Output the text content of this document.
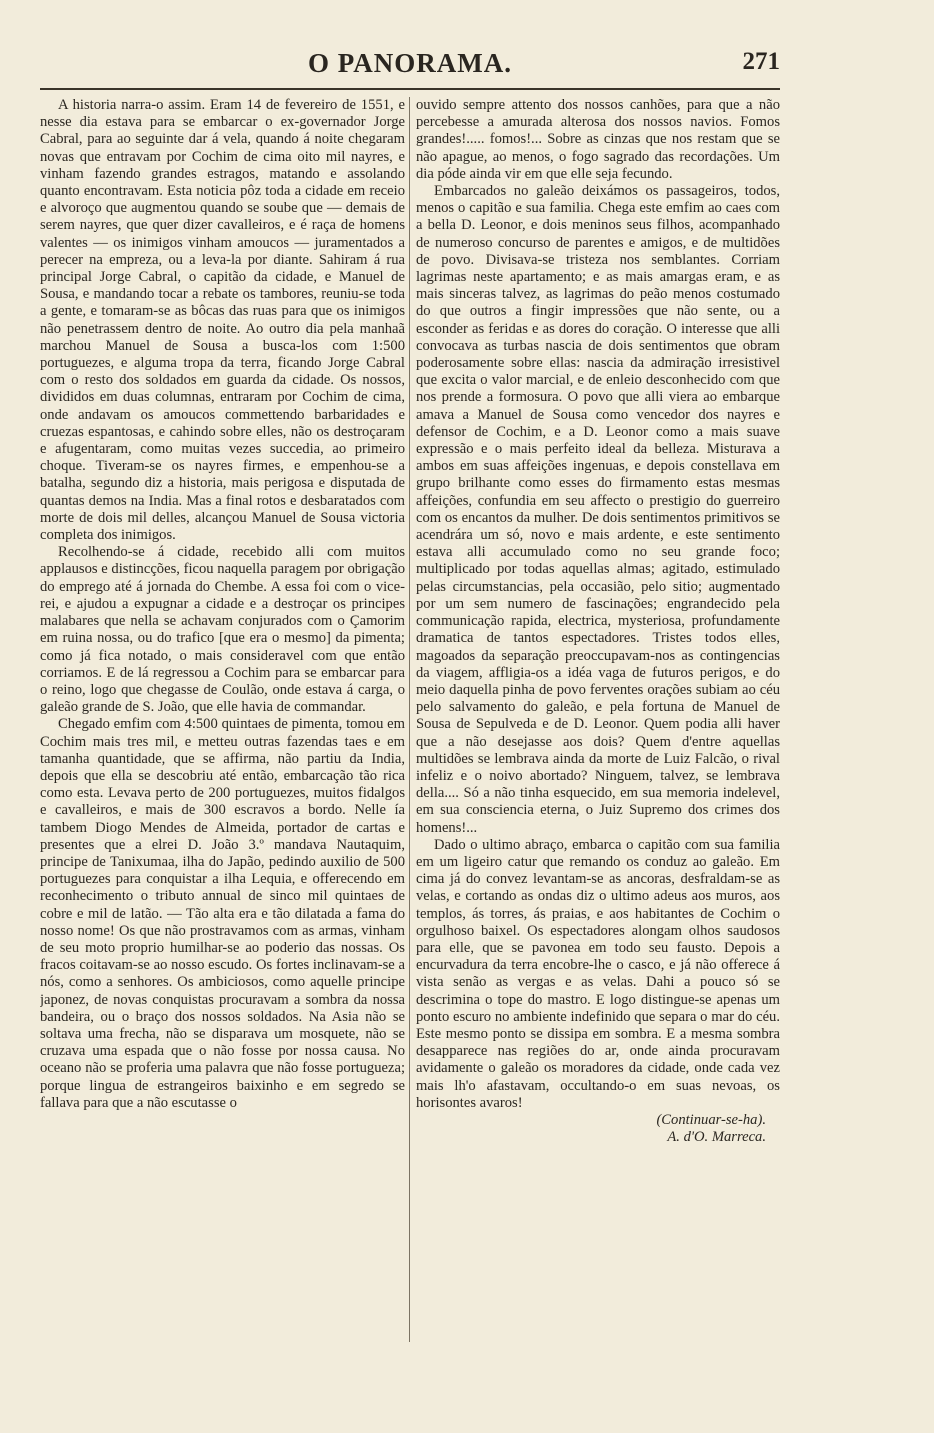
O PANORAMA.	271

A historia narra-o assim. Eram 14 de fevereiro de 1551, e nesse dia estava para se embarcar o ex-governador Jorge Cabral, para ao seguinte dar á vela, quando á noite chegaram novas que entravam por Cochim de cima oito mil nayres, e vinham fazendo grandes estragos, matando e assolando quanto encontravam. Esta noticia pôz toda a cidade em receio e alvoroço que augmentou quando se soube que — demais de serem nayres, que quer dizer cavalleiros, e é raça de homens valentes — os inimigos vinham amoucos — juramentados a perecer na empreza, ou a leva-la por diante. Sahiram á rua principal Jorge Cabral, o capitão da cidade, e Manuel de Sousa, e mandando tocar a rebate os tambores, reuniu-se toda a gente, e tomaram-se as bôcas das ruas para que os inimigos não penetrassem dentro de noite. Ao outro dia pela manhaã marchou Manuel de Sousa a busca-los com 1:500 portuguezes, e alguma tropa da terra, ficando Jorge Cabral com o resto dos soldados em guarda da cidade. Os nossos, divididos em duas columnas, entraram por Cochim de cima, onde andavam os amoucos commettendo barbaridades e cruezas espantosas, e cahindo sobre elles, não os destroçaram e afugentaram, como muitas vezes succedia, ao primeiro choque. Tiveram-se os nayres firmes, e empenhou-se a batalha, segundo diz a historia, mais perigosa e disputada de quantas demos na India. Mas a final rotos e desbaratados com morte de dois mil delles, alcançou Manuel de Sousa victoria completa dos inimigos.

Recolhendo-se á cidade, recebido alli com muitos applausos e distincções, ficou naquella paragem por obrigação do emprego até á jornada do Chembe. A essa foi com o vice-rei, e ajudou a expugnar a cidade e a destroçar os principes malabares que nella se achavam conjurados com o Çamorim em ruina nossa, ou do trafico [que era o mesmo] da pimenta; como já fica notado, o mais consideravel com que então corriamos. E de lá regressou a Cochim para se embarcar para o reino, logo que chegasse de Coulão, onde estava á carga, o galeão grande de S. João, que elle havia de commandar.

Chegado emfim com 4:500 quintaes de pimenta, tomou em Cochim mais tres mil, e metteu outras fazendas taes e em tamanha quantidade, que se affirma, não partiu da India, depois que ella se descobriu até então, embarcação tão rica como esta. Levava perto de 200 portuguezes, muitos fidalgos e cavalleiros, e mais de 300 escravos a bordo. Nelle ía tambem Diogo Mendes de Almeida, portador de cartas e presentes que a elrei D. João 3.º mandava Nautaquim, principe de Tanixumaa, ilha do Japão, pedindo auxilio de 500 portuguezes para conquistar a ilha Lequia, e offerecendo em reconhecimento o tributo annual de sinco mil quintaes de cobre e mil de latão. — Tão alta era e tão dilatada a fama do nosso nome! Os que não prostravamos com as armas, vinham de seu moto proprio humilhar-se ao poderio das nossas. Os fracos coitavam-se ao nosso escudo. Os fortes inclinavam-se a nós, como a senhores. Os ambiciosos, como aquelle principe japonez, de novas conquistas procuravam a sombra da nossa bandeira, ou o braço dos nossos soldados. Na Asia não se soltava uma frecha, não se disparava um mosquete, não se cruzava uma espada que o não fosse por nossa causa. No oceano não se proferia uma palavra que não fosse portugueza; porque lingua de estrangeiros baixinho e em segredo se fallava para que a não escutasse o

ouvido sempre attento dos nossos canhões, para que a não percebesse a amurada alterosa dos nossos navios. Fomos grandes!..... fomos!... Sobre as cinzas que nos restam que se não apague, ao menos, o fogo sagrado das recordações. Um dia póde ainda vir em que elle seja fecundo.

Embarcados no galeão deixámos os passageiros, todos, menos o capitão e sua familia. Chega este emfim ao caes com a bella D. Leonor, e dois meninos seus filhos, acompanhado de numeroso concurso de parentes e amigos, e de multidões de povo. Divisava-se tristeza nos semblantes. Corriam lagrimas neste apartamento; e as mais amargas eram, e as mais sinceras talvez, as lagrimas do peão menos costumado do que outros a fingir impressões que não sente, ou a esconder as feridas e as dores do coração. O interesse que alli convocava as turbas nascia de dois sentimentos que obram poderosamente sobre ellas: nascia da admiração irresistivel que excita o valor marcial, e de enleio desconhecido com que nos prende a formosura. O povo que alli viera ao embarque amava a Manuel de Sousa como vencedor dos nayres e defensor de Cochim, e a D. Leonor como a mais suave expressão e o mais perfeito ideal da belleza. Misturava a ambos em suas affeições ingenuas, e depois constellava em grupo brilhante como esses do firmamento estas mesmas affeições, confundia em seu affecto o prestigio do guerreiro com os encantos da mulher. De dois sentimentos primitivos se acendrára um só, novo e mais ardente, e este sentimento estava alli accumulado como no seu grande foco; multiplicado por todas aquellas almas; agitado, estimulado pelas circumstancias, pela occasião, pelo sitio; augmentado por um sem numero de fascinações; engrandecido pela communicação rapida, electrica, mysteriosa, profundamente dramatica de tantos espectadores. Tristes todos elles, magoados da separação preoccupavam-nos as contingencias da viagem, affligia-os a idéa vaga de futuros perigos, e do meio daquella pinha de povo ferventes orações subiam ao céu pelo salvamento do galeão, e pela fortuna de Manuel de Sousa de Sepulveda e de D. Leonor. Quem podia alli haver que a não desejasse aos dois? Quem d'entre aquellas multidões se lembrava ainda da morte de Luiz Falcão, o rival infeliz e o noivo abortado? Ninguem, talvez, se lembrava della.... Só a não tinha esquecido, em sua memoria indelevel, em sua consciencia eterna, o Juiz Supremo dos crimes dos homens!...

Dado o ultimo abraço, embarca o capitão com sua familia em um ligeiro catur que remando os conduz ao galeão. Em cima já do convez levantam-se as ancoras, desfraldam-se as velas, e cortando as ondas diz o ultimo adeus aos muros, aos templos, ás torres, ás praias, e aos habitantes de Cochim o orgulhoso baixel. Os espectadores alongam olhos saudosos para elle, que se pavonea em todo seu fausto. Depois a encurvadura da terra encobre-lhe o casco, e já não offerece á vista senão as vergas e as velas. Dahi a pouco só se descrimina o tope do mastro. E logo distingue-se apenas um ponto escuro no ambiente indefinido que separa o mar do céu. Este mesmo ponto se dissipa em sombra. E a mesma sombra desapparece nas regiões do ar, onde ainda procuravam avidamente o galeão os moradores da cidade, onde cada vez mais lh'o afastavam, occultando-o em suas nevoas, os horisontes avaros!

(Continuar-se-ha).
A. d'O. Marreca.
